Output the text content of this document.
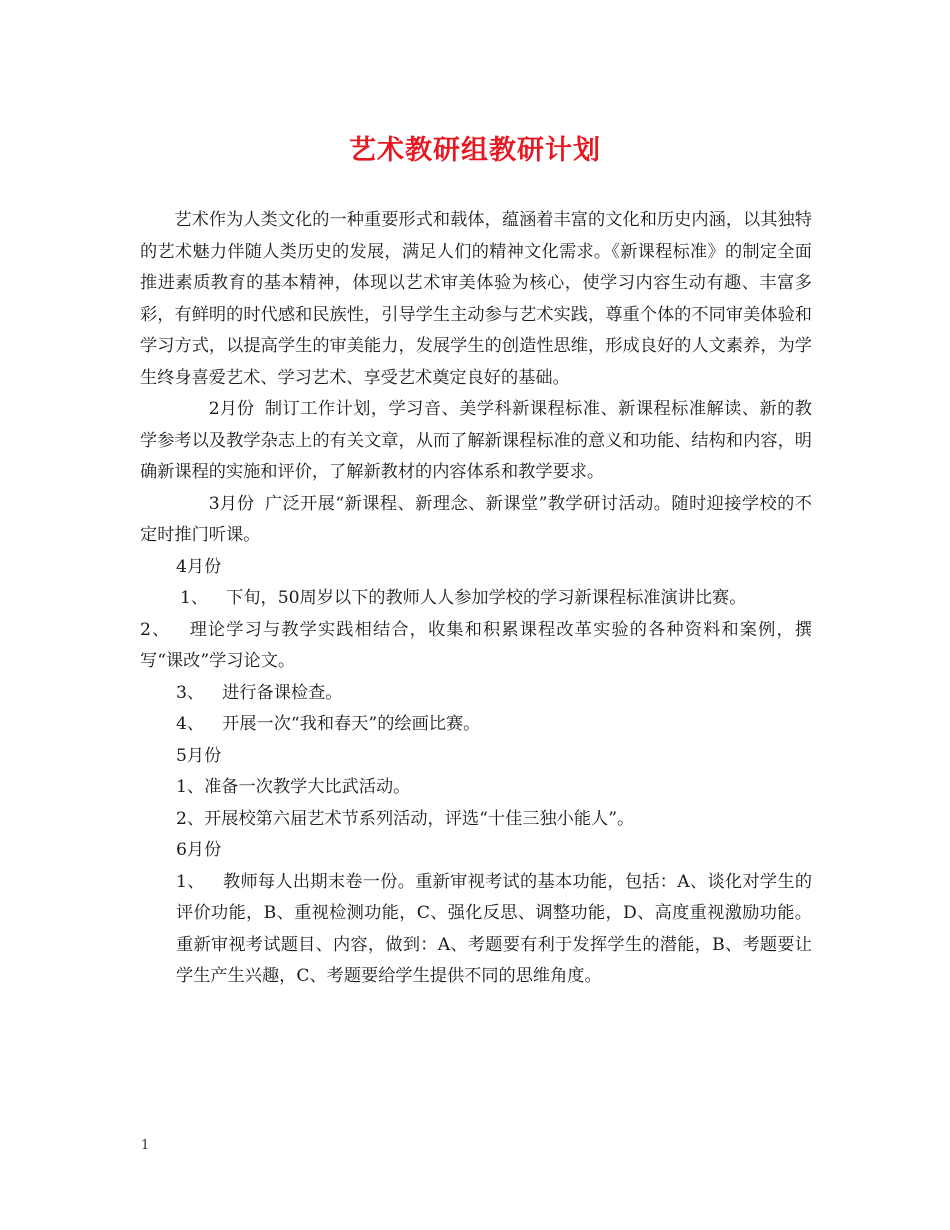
艺术教研组教研计划

艺术作为人类文化的一种重要形式和载体，蕴涵着丰富的文化和历史内涵，以其独特的艺术魅力伴随人类历史的发展，满足人们的精神文化需求。《新课程标准》的制定全面推进素质教育的基本精神，体现以艺术审美体验为核心，使学习内容生动有趣、丰富多彩，有鲜明的时代感和民族性，引导学生主动参与艺术实践，尊重个体的不同审美体验和学习方式，以提高学生的审美能力，发展学生的创造性思维，形成良好的人文素养，为学生终身喜爱艺术、学习艺术、享受艺术奠定良好的基础。

2月份 制订工作计划，学习音、美学科新课程标准、新课程标准解读、新的教学参考以及教学杂志上的有关文章，从而了解新课程标准的意义和功能、结构和内容，明确新课程的实施和评价，了解新教材的内容体系和教学要求。

3月份 广泛开展“新课程、新理念、新课堂”教学研讨活动。随时迎接学校的不定时推门听课。

4月份

1、 下旬，50周岁以下的教师人人参加学校的学习新课程标准演讲比赛。

2、 理论学习与教学实践相结合，收集和积累课程改革实验的各种资料和案例，撰写“课改”学习论文。

3、 进行备课检查。

4、 开展一次“我和春天”的绘画比赛。

5月份

1、准备一次教学大比武活动。

2、开展校第六届艺术节系列活动，评选“十佳三独小能人”。

6月份

1、 教师每人出期末卷一份。重新审视考试的基本功能，包括：A、谈化对学生的评价功能，B、重视检测功能，C、强化反思、调整功能，D、高度重视激励功能。重新审视考试题目、内容，做到：A、考题要有利于发挥学生的潜能，B、考题要让学生产生兴趣，C、考题要给学生提供不同的思维角度。

1
